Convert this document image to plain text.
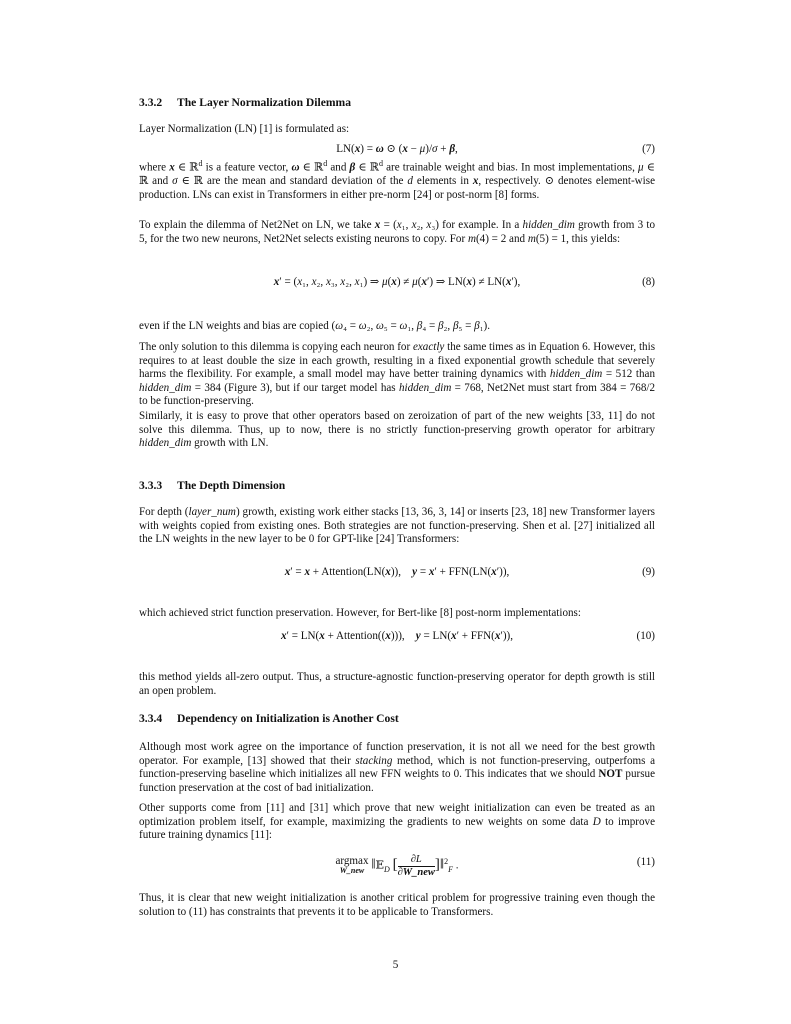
3.3.2 The Layer Normalization Dilemma
Layer Normalization (LN) [1] is formulated as:
LN(x) = ω ⊙ (x − μ)/σ + β,	(7)
where x ∈ ℝ$^d$ is a feature vector, ω ∈ ℝ$^d$ and β ∈ ℝ$^d$ are trainable weight and bias. In most implementations, μ ∈ ℝ and σ ∈ ℝ are the mean and standard deviation of the d elements in x, respectively. ⊙ denotes element-wise production. LNs can exist in Transformers in either pre-norm [24] or post-norm [8] forms.
To explain the dilemma of Net2Net on LN, we take x = (x₁, x₂, x₃) for example. In a hidden_dim growth from 3 to 5, for the two new neurons, Net2Net selects existing neurons to copy. For m(4) = 2 and m(5) = 1, this yields:
x′ = (x₁, x₂, x₃, x₂, x₁) ⇒ μ(x) ≠ μ(x′) ⇒ LN(x) ≠ LN(x′),	(8)
even if the LN weights and bias are copied (ω₄ = ω₂, ω₅ = ω₁, β₄ = β₂, β₅ = β₁).
The only solution to this dilemma is copying each neuron for exactly the same times as in Equation 6. However, this requires to at least double the size in each growth, resulting in a fixed exponential growth schedule that severely harms the flexibility. For example, a small model may have better training dynamics with hidden_dim = 512 than hidden_dim = 384 (Figure 3), but if our target model has hidden_dim = 768, Net2Net must start from 384 = 768/2 to be function-preserving.
Similarly, it is easy to prove that other operators based on zeroization of part of the new weights [33, 11] do not solve this dilemma. Thus, up to now, there is no strictly function-preserving growth operator for arbitrary hidden_dim growth with LN.
3.3.3 The Depth Dimension
For depth (layer_num) growth, existing work either stacks [13, 36, 3, 14] or inserts [23, 18] new Transformer layers with weights copied from existing ones. Both strategies are not function-preserving. Shen et al. [27] initialized all the LN weights in the new layer to be 0 for GPT-like [24] Transformers:
x′ = x + Attention(LN(x)),    y = x′ + FFN(LN(x′)),	(9)
which achieved strict function preservation. However, for Bert-like [8] post-norm implementations:
x′ = LN(x + Attention((x))),    y = LN(x′ + FFN(x′)),	(10)
this method yields all-zero output. Thus, a structure-agnostic function-preserving operator for depth growth is still an open problem.
3.3.4 Dependency on Initialization is Another Cost
Although most work agree on the importance of function preservation, it is not all we need for the best growth operator. For example, [13] showed that their stacking method, which is not function-preserving, outperfoms a function-preserving baseline which initializes all new FFN weights to 0. This indicates that we should NOT pursue function preservation at the cost of bad initialization.
Other supports come from [11] and [31] which prove that new weight initialization can even be treated as an optimization problem itself, for example, maximizing the gradients to new weights on some data D to improve future training dynamics [11]:
argmax
W_new ‖𝔼$_D$ [ $\frac{\partial L}{\text{∂W\_new}}$ ]‖$^2_F$ .	(11)
Thus, it is clear that new weight initialization is another critical problem for progressive training even though the solution to (11) has constraints that prevents it to be applicable to Transformers.
5
